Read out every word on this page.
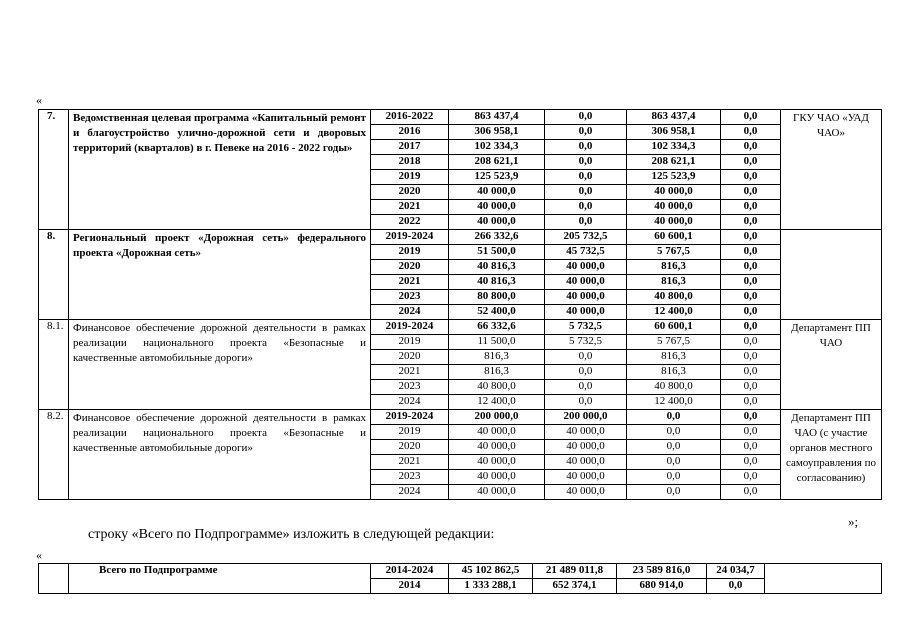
«
7.	Ведомственная целевая программа «Капитальный ремонт и благоустройство улично-дорожной сети и дворовых территорий (кварталов) в г. Певеке на 2016 - 2022 годы»	2016-2022	863 437,4	0,0	863 437,4	0,0	ГКУ ЧАО «УАД ЧАО»
		2016	306 958,1	0,0	306 958,1	0,0	
		2017	102 334,3	0,0	102 334,3	0,0	
		2018	208 621,1	0,0	208 621,1	0,0	
		2019	125 523,9	0,0	125 523,9	0,0	
		2020	40 000,0	0,0	40 000,0	0,0	
		2021	40 000,0	0,0	40 000,0	0,0	
		2022	40 000,0	0,0	40 000,0	0,0	
8.	Региональный проект «Дорожная сеть» федерального проекта «Дорожная сеть»	2019-2024	266 332,6	205 732,5	60 600,1	0,0	
		2019	51 500,0	45 732,5	5 767,5	0,0	
		2020	40 816,3	40 000,0	816,3	0,0	
		2021	40 816,3	40 000,0	816,3	0,0	
		2023	80 800,0	40 000,0	40 800,0	0,0	
		2024	52 400,0	40 000,0	12 400,0	0,0	
8.1.	Финансовое обеспечение дорожной деятельности в рамках реализации национального проекта «Безопасные и качественные автомобильные дороги»	2019-2024	66 332,6	5 732,5	60 600,1	0,0	Департамент ПП ЧАО
		2019	11 500,0	5 732,5	5 767,5	0,0	
		2020	816,3	0,0	816,3	0,0	
		2021	816,3	0,0	816,3	0,0	
		2023	40 800,0	0,0	40 800,0	0,0	
		2024	12 400,0	0,0	12 400,0	0,0	
8.2.	Финансовое обеспечение дорожной деятельности в рамках реализации национального проекта «Безопасные и качественные автомобильные дороги»	2019-2024	200 000,0	200 000,0	0,0	0,0	Департамент ПП ЧАО (с участие органов местного самоуправления по согласованию)
		2019	40 000,0	40 000,0	0,0	0,0	
		2020	40 000,0	40 000,0	0,0	0,0	
		2021	40 000,0	40 000,0	0,0	0,0	
		2023	40 000,0	40 000,0	0,0	0,0	
		2024	40 000,0	40 000,0	0,0	0,0	
»;
строку «Всего по Подпрограмме» изложить в следующей редакции:
«
	Всего по Подпрограмме	2014-2024	45 102 862,5	21 489 011,8	23 589 816,0	24 034,7	
		2014	1 333 288,1	652 374,1	680 914,0	0,0	
